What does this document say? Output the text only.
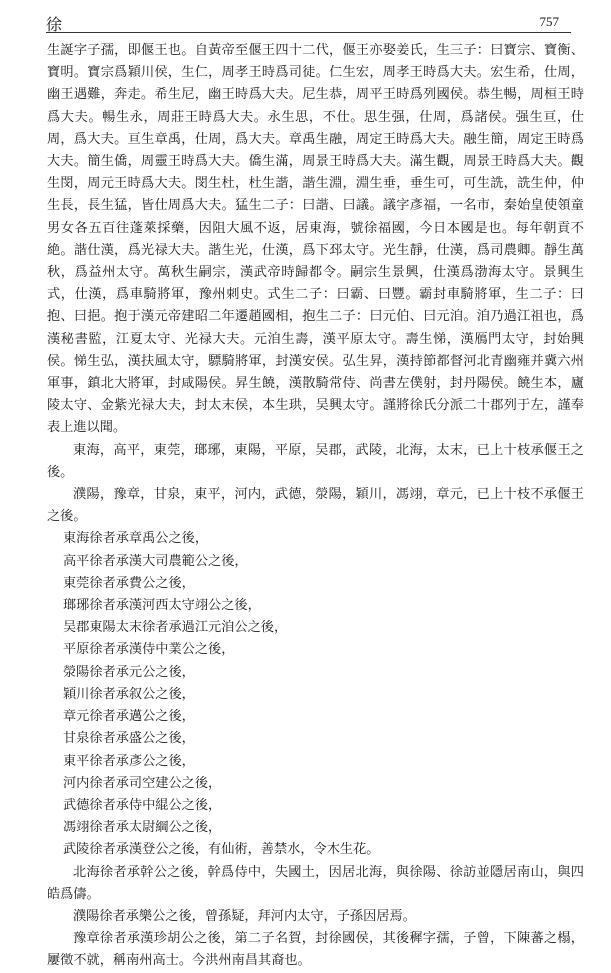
徐	757

生誕字子孺，即偃王也。自黃帝至偃王四十二代，偃王亦娶姜氏，生三子：曰寶宗、寶衡、寶明。寶宗爲穎川侯，生仁，周孝王時爲司徒。仁生宏，周孝王時爲大夫。宏生希，仕周，幽王遇難，奔走。希生尼，幽王時爲大夫。尼生恭，周平王時爲列國侯。恭生暢，周桓王時爲大夫。暢生永，周莊王時爲大夫。永生思，不仕。思生强，仕周，爲諸侯。强生亘，仕周，爲大夫。亘生章禹，仕周，爲大夫。章禹生融，周定王時爲大夫。融生簡，周定王時爲大夫。簡生僑，周靈王時爲大夫。僑生滿，周景王時爲大夫。滿生觀，周景王時爲大夫。觀生閔，周元王時爲大夫。閔生杜，杜生諧，諧生淵，淵生垂，垂生可，可生詵，詵生仲，仲生長，長生猛，皆仕周爲大夫。猛生二子：曰諧、曰議。議字彥福，一名市，秦始皇使領童男女各五百往蓬萊採藥，因阻大風不返，居東海，號徐福國，今日本國是也。每年朝貢不絶。諧仕漢，爲光禄大夫。諧生光，仕漢，爲下邳太守。光生靜，仕漢，爲司農卿。靜生萬秋，爲益州太守。萬秋生嗣宗，漢武帝時歸都令。嗣宗生景興，仕漢爲渤海太守。景興生式，仕漢，爲車騎將軍，豫州刺史。式生二子：曰霸、曰豐。霸封車騎將軍，生二子：曰抱、曰挹。抱于漢元帝建昭二年遷趙國相，抱生二子：曰元伯、曰元洎。洎乃過江祖也，爲漢秘書監，江夏太守、光禄大夫。元洎生壽，漢平原太守。壽生悌，漢鴈門太守，封始興侯。悌生弘，漢扶風太守，驃騎將軍，封漢安侯。弘生昇，漢持節都督河北青幽雍并冀六州軍事，鎮北大將軍，封咸陽侯。昇生饒，漢散騎常侍、尚書左僕射，封丹陽侯。饒生本，廬陵太守、金紫光禄大夫，封太末侯，本生珙，吴興太守。謹將徐氏分派二十郡列于左，謹奉表上進以聞。

東海，高平，東莞，瑯琊，東陽，平原，吴郡，武陵，北海，太末，已上十枝承偃王之後。

濮陽，豫章，甘泉，東平，河内，武德，滎陽，穎川，馮翊，章元，已上十枝不承偃王之後。

東海徐者承章禹公之後，
高平徐者承漢大司農範公之後，
東莞徐者承費公之後，
瑯琊徐者承漢河西太守翊公之後，
吴郡東陽太末徐者承過江元洎公之後，
平原徐者承漢侍中業公之後，
滎陽徐者承元公之後，
穎川徐者承叙公之後，
章元徐者承邁公之後，
甘泉徐者承盛公之後，
東平徐者承彥公之後，
河内徐者承司空建公之後，
武德徐者承侍中緄公之後，
馮翊徐者承太尉綱公之後，
武陵徐者承漢登公之後，有仙術，善禁水，令木生花。

北海徐者承幹公之後，幹爲侍中，失國土，因居北海，與徐陽、徐訪並隱居南山，與四皓爲儔。

濮陽徐者承樂公之後，曾孫疑，拜河内太守，子孫因居焉。

豫章徐者承漢珍胡公之後，第二子名賀，封徐國侯，其後穉字孺，子曾，下陳蕃之榻，屢徵不就，稱南州高士。今洪州南昌其裔也。
